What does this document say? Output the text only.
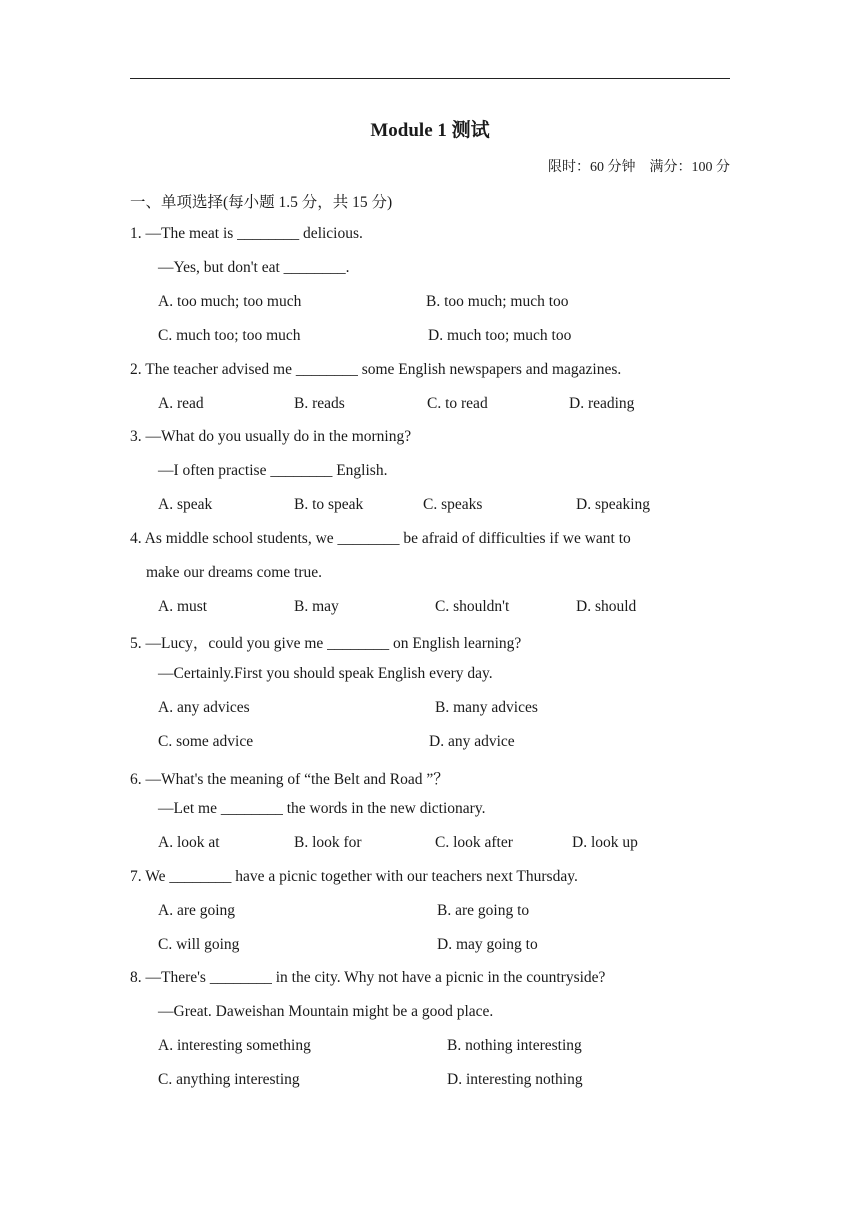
Module 1 测试
限时：60 分钟 满分：100 分
一、单项选择(每小题 1.5 分，共 15 分)
1. —The meat is ________ delicious.
—Yes, but don't eat ________.
A. too much; too much	B. too much; much too
C. much too; too much	D. much too; much too
2. The teacher advised me ________ some English newspapers and magazines.
A. read	B. reads	C. to read	D. reading
3. —What do you usually do in the morning?
—I often practise ________ English.
A. speak	B. to speak	C. speaks	D. speaking
4. As middle school students, we ________ be afraid of difficulties if we want to
make our dreams come true.
A. must	B. may	C. shouldn't	D. should
5. —Lucy，could you give me ________ on English learning?
—Certainly.First you should speak English every day.
A. any advices	B. many advices
C. some advice	D. any advice
6. —What's the meaning of “the Belt and Road ”？
—Let me ________ the words in the new dictionary.
A. look at	B. look for	C. look after	D. look up
7. We ________ have a picnic together with our teachers next Thursday.
A. are going	B. are going to
C. will going	D. may going to
8. —There's ________ in the city. Why not have a picnic in the countryside?
—Great. Daweishan Mountain might be a good place.
A. interesting something	B. nothing interesting
C. anything interesting	D. interesting nothing
